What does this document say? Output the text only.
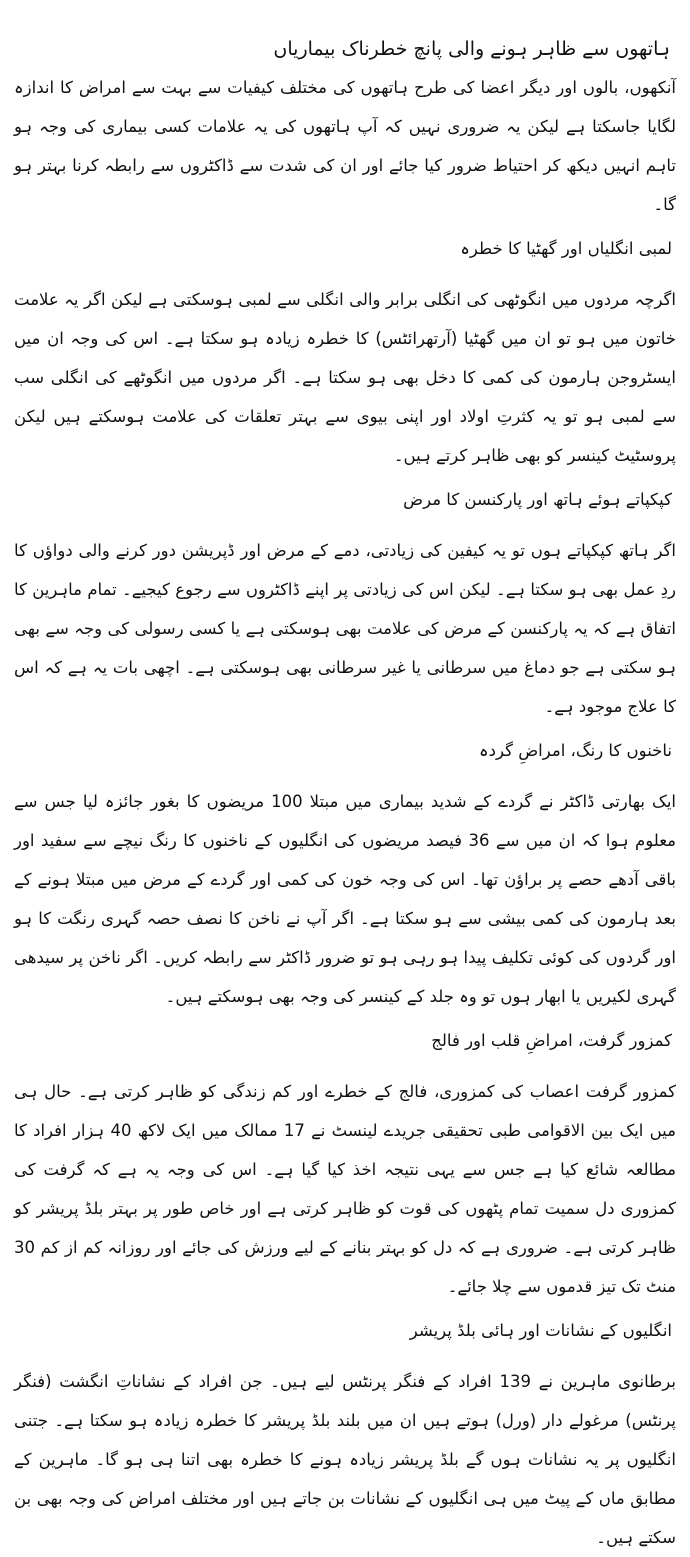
ہاتھوں سے ظاہر ہونے والی پانچ خطرناک بیماریاں

آنکھوں، بالوں اور دیگر اعضا کی طرح ہاتھوں کی مختلف کیفیات سے بہت سے امراض کا اندازہ لگایا جاسکتا ہے لیکن یہ ضروری نہیں کہ آپ ہاتھوں کی یہ علامات کسی بیماری کی وجہ ہو تاہم انہیں دیکھ کر احتیاط ضرور کیا جائے اور ان کی شدت سے ڈاکٹروں سے رابطہ کرنا بہتر ہو گا۔

لمبی انگلیاں اور گھٹیا کا خطرہ

اگرچہ مردوں میں انگوٹھی کی انگلی برابر والی انگلی سے لمبی ہوسکتی ہے لیکن اگر یہ علامت خاتون میں ہو تو ان میں گھٹیا (آرتھرائٹس) کا خطرہ زیادہ ہو سکتا ہے۔ اس کی وجہ ان میں ایسٹروجن ہارمون کی کمی کا دخل بھی ہو سکتا ہے۔ اگر مردوں میں انگوٹھے کی انگلی سب سے لمبی ہو تو یہ کثرتِ اولاد اور اپنی بیوی سے بہتر تعلقات کی علامت ہوسکتے ہیں لیکن پروسٹیٹ کینسر کو بھی ظاہر کرتے ہیں۔

کپکپاتے ہوئے ہاتھ اور پارکنسن کا مرض

اگر ہاتھ کپکپاتے ہوں تو یہ کیفین کی زیادتی، دمے کے مرض اور ڈپریشن دور کرنے والی دواؤں کا ردِ عمل بھی ہو سکتا ہے۔ لیکن اس کی زیادتی پر اپنے ڈاکٹروں سے رجوع کیجیے۔ تمام ماہرین کا اتفاق ہے کہ یہ پارکنسن کے مرض کی علامت بھی ہوسکتی ہے یا کسی رسولی کی وجہ سے بھی ہو سکتی ہے جو دماغ میں سرطانی یا غیر سرطانی بھی ہوسکتی ہے۔ اچھی بات یہ ہے کہ اس کا علاج موجود ہے۔

ناخنوں کا رنگ، امراضِ گردہ

ایک بھارتی ڈاکٹر نے گردے کے شدید بیماری میں مبتلا 100 مریضوں کا بغور جائزہ لیا جس سے معلوم ہوا کہ ان میں سے 36 فیصد مریضوں کی انگلیوں کے ناخنوں کا رنگ نیچے سے سفید اور باقی آدھے حصے پر براؤن تھا۔ اس کی وجہ خون کی کمی اور گردے کے مرض میں مبتلا ہونے کے بعد ہارمون کی کمی بیشی سے ہو سکتا ہے۔ اگر آپ نے ناخن کا نصف حصہ گہری رنگت کا ہو اور گردوں کی کوئی تکلیف پیدا ہو رہی ہو تو ضرور ڈاکٹر سے رابطہ کریں۔ اگر ناخن پر سیدھی گہری لکیریں یا ابھار ہوں تو وہ جلد کے کینسر کی وجہ بھی ہوسکتے ہیں۔

کمزور گرفت، امراضِ قلب اور فالج

کمزور گرفت اعصاب کی کمزوری، فالج کے خطرے اور کم زندگی کو ظاہر کرتی ہے۔ حال ہی میں ایک بین الاقوامی طبی تحقیقی جریدے لینسٹ نے 17 ممالک میں ایک لاکھ 40 ہزار افراد کا مطالعہ شائع کیا ہے جس سے یہی نتیجہ اخذ کیا گیا ہے۔ اس کی وجہ یہ ہے کہ گرفت کی کمزوری دل سمیت تمام پٹھوں کی قوت کو ظاہر کرتی ہے اور خاص طور پر بہتر بلڈ پریشر کو ظاہر کرتی ہے۔ ضروری ہے کہ دل کو بہتر بنانے کے لیے ورزش کی جائے اور روزانہ کم از کم 30 منٹ تک تیز قدموں سے چلا جائے۔

انگلیوں کے نشانات اور ہائی بلڈ پریشر

برطانوی ماہرین نے 139 افراد کے فنگر پرنٹس لیے ہیں۔ جن افراد کے نشاناتِ انگشت (فنگر پرنٹس) مرغولے دار (ورل) ہوتے ہیں ان میں بلند بلڈ پریشر کا خطرہ زیادہ ہو سکتا ہے۔ جتنی انگلیوں پر یہ نشانات ہوں گے بلڈ پریشر زیادہ ہونے کا خطرہ بھی اتنا ہی ہو گا۔ ماہرین کے مطابق ماں کے پیٹ میں ہی انگلیوں کے نشانات بن جاتے ہیں اور مختلف امراض کی وجہ بھی بن سکتے ہیں۔
